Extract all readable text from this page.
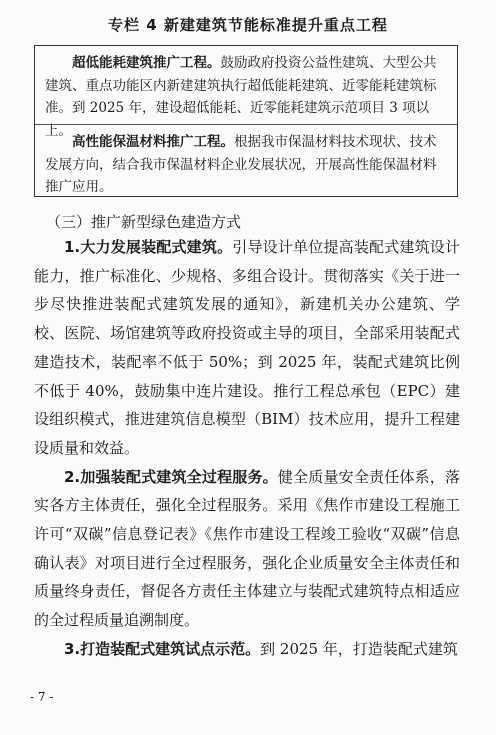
专栏 4 新建建筑节能标准提升重点工程
超低能耗建筑推广工程。鼓励政府投资公益性建筑、大型公共建筑、重点功能区内新建建筑执行超低能耗建筑、近零能耗建筑标准。到 2025 年，建设超低能耗、近零能耗建筑示范项目 3 项以上。
高性能保温材料推广工程。根据我市保温材料技术现状、技术发展方向，结合我市保温材料企业发展状况，开展高性能保温材料推广应用。
（三）推广新型绿色建造方式

1.大力发展装配式建筑。引导设计单位提高装配式建筑设计能力，推广标准化、少规格、多组合设计。贯彻落实《关于进一步尽快推进装配式建筑发展的通知》，新建机关办公建筑、学校、医院、场馆建筑等政府投资或主导的项目，全部采用装配式建造技术，装配率不低于 50%；到 2025 年，装配式建筑比例不低于 40%，鼓励集中连片建设。推行工程总承包（EPC）建设组织模式，推进建筑信息模型（BIM）技术应用，提升工程建设质量和效益。

2.加强装配式建筑全过程服务。健全质量安全责任体系，落实各方主体责任，强化全过程服务。采用《焦作市建设工程施工许可“双碳”信息登记表》《焦作市建设工程竣工验收“双碳”信息确认表》对项目进行全过程服务，强化企业质量安全主体责任和质量终身责任，督促各方责任主体建立与装配式建筑特点相适应的全过程质量追溯制度。

3.打造装配式建筑试点示范。到 2025 年，打造装配式建筑

- 7 -
